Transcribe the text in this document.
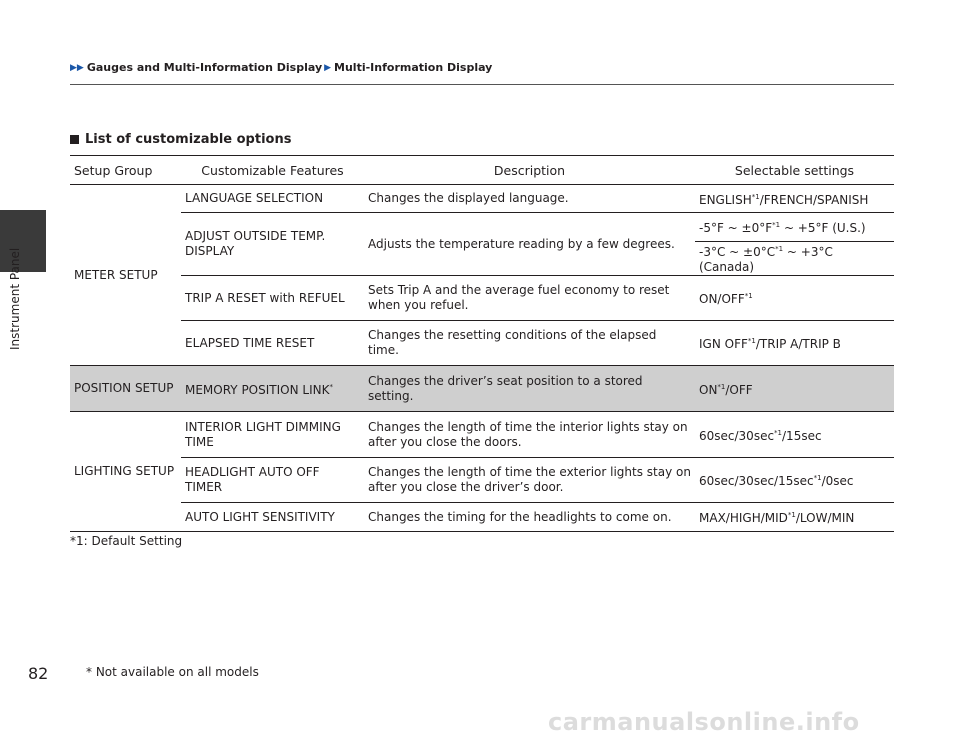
Instrument Panel
▶▶ Gauges and Multi-Information Display ▶ Multi-Information Display
List of customizable options
Setup Group	Customizable Features	Description	Selectable settings
METER SETUP	LANGUAGE SELECTION	Changes the displayed language.	ENGLISH$^{*1}$/FRENCH/SPANISH
	ADJUST OUTSIDE TEMP. DISPLAY	Adjusts the temperature reading by a few degrees.	-5°F ~ $\pm 0^\circ F^{*1}$ ~ +5°F (U.S.)
			-3°C ~ $\pm 0^\circ C^{*1}$ ~ +3°C (Canada)
	TRIP A RESET with REFUEL	Sets Trip A and the average fuel economy to reset when you refuel.	ON/OFF$^{*1}$
	ELAPSED TIME RESET	Changes the resetting conditions of the elapsed time.	IGN OFF$^{*1}$/TRIP A/TRIP B
POSITION SETUP	MEMORY POSITION LINK*	Changes the driver’s seat position to a stored setting.	ON$^{*1}$/OFF
LIGHTING SETUP	INTERIOR LIGHT DIMMING TIME	Changes the length of time the interior lights stay on after you close the doors.	$60\sec/30\sec^{*1}/15\sec$
	HEADLIGHT AUTO OFF TIMER	Changes the length of time the exterior lights stay on after you close the driver’s door.	$60\sec/30\sec/15\sec^{*1}/0\sec$
	AUTO LIGHT SENSITIVITY	Changes the timing for the headlights to come on.	MAX/HIGH/MID$^{*1}$/LOW/MIN
*1: Default Setting
82	* Not available on all models
carmanualsonline.info
